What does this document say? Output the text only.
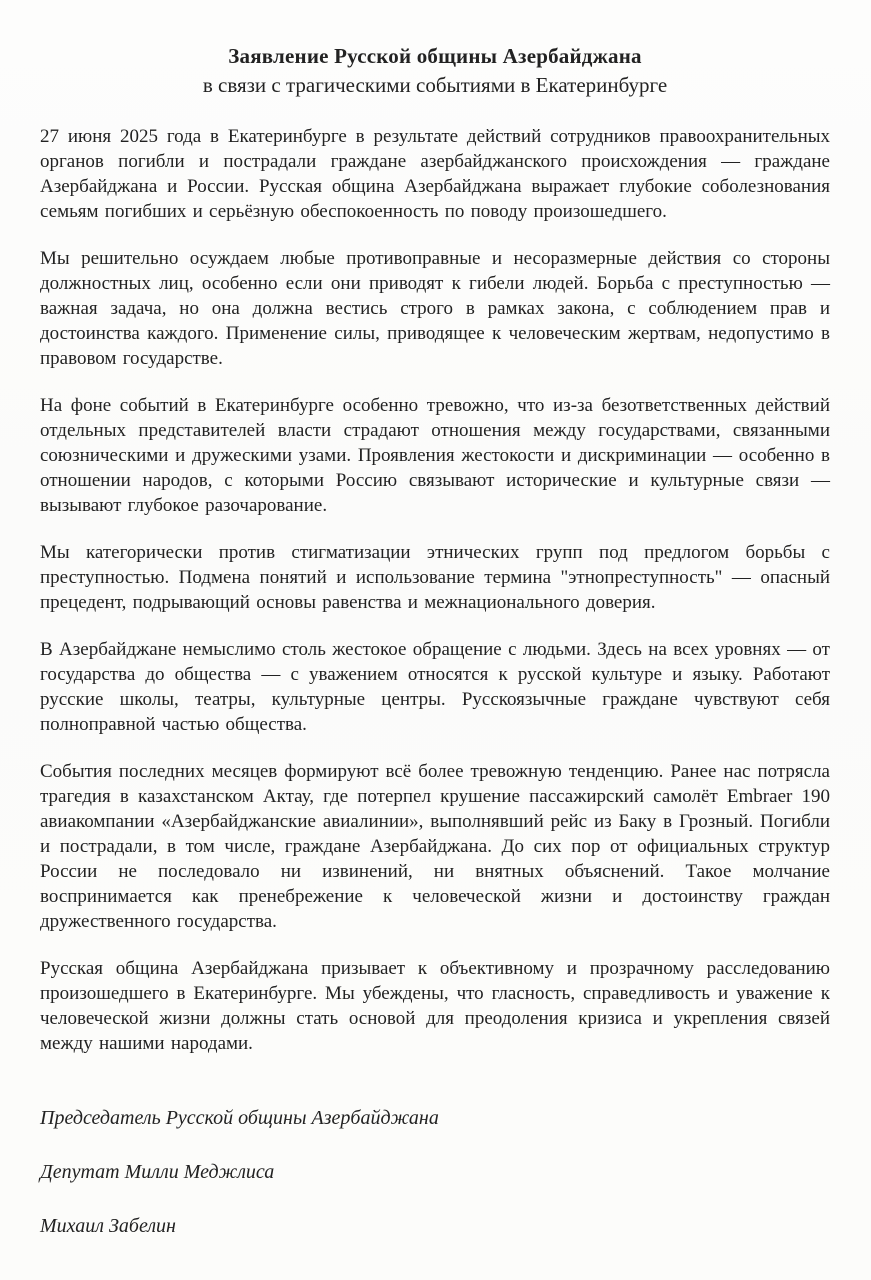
Заявление Русской общины Азербайджана
в связи с трагическими событиями в Екатеринбурге

27 июня 2025 года в Екатеринбурге в результате действий сотрудников правоохранительных органов погибли и пострадали граждане азербайджанского происхождения — граждане Азербайджана и России. Русская община Азербайджана выражает глубокие соболезнования семьям погибших и серьёзную обеспокоенность по поводу произошедшего.

Мы решительно осуждаем любые противоправные и несоразмерные действия со стороны должностных лиц, особенно если они приводят к гибели людей. Борьба с преступностью — важная задача, но она должна вестись строго в рамках закона, с соблюдением прав и достоинства каждого. Применение силы, приводящее к человеческим жертвам, недопустимо в правовом государстве.

На фоне событий в Екатеринбурге особенно тревожно, что из-за безответственных действий отдельных представителей власти страдают отношения между государствами, связанными союзническими и дружескими узами. Проявления жестокости и дискриминации — особенно в отношении народов, с которыми Россию связывают исторические и культурные связи — вызывают глубокое разочарование.

Мы категорически против стигматизации этнических групп под предлогом борьбы с преступностью. Подмена понятий и использование термина "этнопреступность" — опасный прецедент, подрывающий основы равенства и межнационального доверия.

В Азербайджане немыслимо столь жестокое обращение с людьми. Здесь на всех уровнях — от государства до общества — с уважением относятся к русской культуре и языку. Работают русские школы, театры, культурные центры. Русскоязычные граждане чувствуют себя полноправной частью общества.

События последних месяцев формируют всё более тревожную тенденцию. Ранее нас потрясла трагедия в казахстанском Актау, где потерпел крушение пассажирский самолёт Embraer 190 авиакомпании «Азербайджанские авиалинии», выполнявший рейс из Баку в Грозный. Погибли и пострадали, в том числе, граждане Азербайджана. До сих пор от официальных структур России не последовало ни извинений, ни внятных объяснений. Такое молчание воспринимается как пренебрежение к человеческой жизни и достоинству граждан дружественного государства.

Русская община Азербайджана призывает к объективному и прозрачному расследованию произошедшего в Екатеринбурге. Мы убеждены, что гласность, справедливость и уважение к человеческой жизни должны стать основой для преодоления кризиса и укрепления связей между нашими народами.

Председатель Русской общины Азербайджана

Депутат Милли Меджлиса

Михаил Забелин
